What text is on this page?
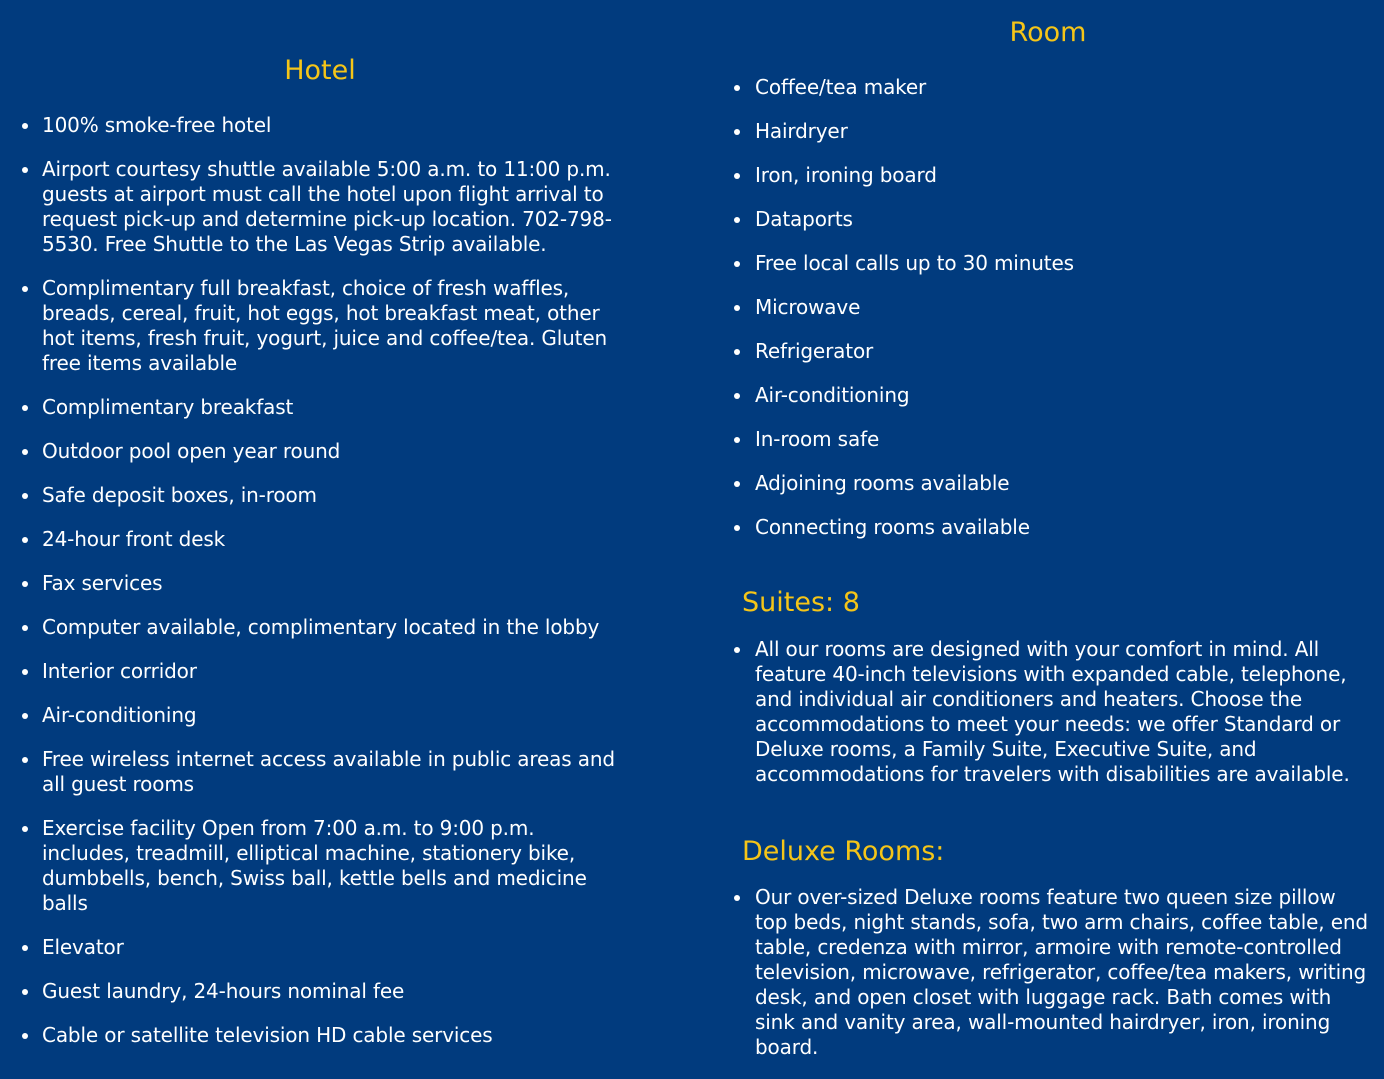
Hotel
100% smoke-free hotel
Airport courtesy shuttle available 5:00 a.m. to 11:00 p.m. guests at airport must call the hotel upon flight arrival to request pick-up and determine pick-up location. 702-798-5530. Free Shuttle to the Las Vegas Strip available.
Complimentary full breakfast, choice of fresh waffles, breads, cereal, fruit, hot eggs, hot breakfast meat, other hot items, fresh fruit, yogurt, juice and coffee/tea. Gluten free items available
Complimentary breakfast
Outdoor pool open year round
Safe deposit boxes, in-room
24-hour front desk
Fax services
Computer available, complimentary located in the lobby
Interior corridor
Air-conditioning
Free wireless internet access available in public areas and all guest rooms
Exercise facility Open from 7:00 a.m. to 9:00 p.m. includes, treadmill, elliptical machine, stationery bike, dumbbells, bench, Swiss ball, kettle bells and medicine balls
Elevator
Guest laundry, 24-hours nominal fee
Cable or satellite television HD cable services
Room
Coffee/tea maker
Hairdryer
Iron, ironing board
Dataports
Free local calls up to 30 minutes
Microwave
Refrigerator
Air-conditioning
In-room safe
Adjoining rooms available
Connecting rooms available
Suites: 8
All our rooms are designed with your comfort in mind. All feature 40-inch televisions with expanded cable, telephone, and individual air conditioners and heaters. Choose the accommodations to meet your needs: we offer Standard or Deluxe rooms, a Family Suite, Executive Suite, and accommodations for travelers with disabilities are available.
Deluxe Rooms:
Our over-sized Deluxe rooms feature two queen size pillow top beds, night stands, sofa, two arm chairs, coffee table, end table, credenza with mirror, armoire with remote-controlled television, microwave, refrigerator, coffee/tea makers, writing desk, and open closet with luggage rack. Bath comes with sink and vanity area, wall-mounted hairdryer, iron, ironing board.
